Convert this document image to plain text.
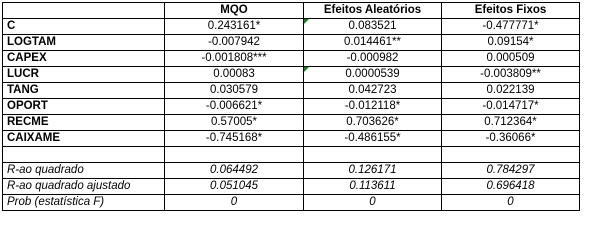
	MQO	Efeitos Aleatórios	Efeitos Fixos
C	0.243161*	0.083521	-0.477771*
LOGTAM	-0.007942	0.014461**	0.09154*
CAPEX	-0.001808***	-0.000982	0.000509
LUCR	0.00083	0.0000539	-0.003809**
TANG	0.030579	0.042723	0.022139
OPORT	-0.006621*	-0.012118*	-0.014717*
RECME	0.57005*	0.703626*	0.712364*
CAIXAME	-0.745168*	-0.486155*	-0.36066*

R-ao quadrado	0.064492	0.126171	0.784297
R-ao quadrado ajustado	0.051045	0.113611	0.696418
Prob (estatística F)	0	0	0
